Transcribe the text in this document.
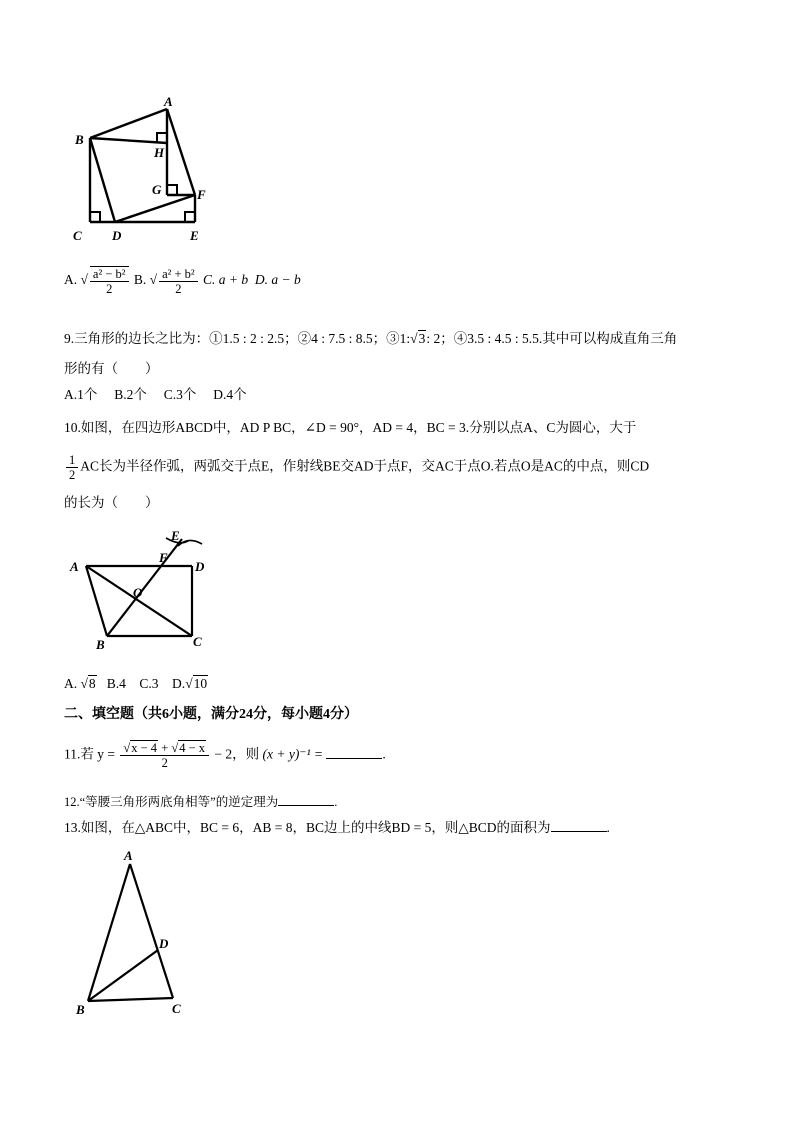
A
B
H
G	F
C D	E
A. √ $\frac{\text{a² − b²}}{2} B$. √ $\frac{\text{a² + b²}}{2} C$. a + b D. a − b
9.三角形的边长之比为：①1.5 : 2 : 2.5；②4 : 7.5 : 8.5；③1:√3: 2；④3.5 : 4.5 : 5.5.其中可以构成直角三角
形的有（　　）
A.1个　 B.2个　 C.3个　 D.4个
10.如图，在四边形ABCD中，AD P BC，∠D = 90°，AD = 4，BC = 3.分别以点A、C为圆心，大于
$\frac{1}{2}$ AC长为半径作弧，两弧交于点E，作射线BE交AD于点F，交AC于点O.若点O是AC的中点，则CD
的长为（　　）
A	D
E
F
O
B	C
A. √8 B.4　C.3　D.√10
二、填空题（共6小题，满分24分，每小题4分）
11.若 $y = \frac{√x - 4 + √4 - x}{2} - 2$，则 (x + y)⁻¹ =	.
12.“等腰三角形两底角相等”的逆定理为	.
13.如图，在△ABC中，BC = 6，AB = 8，BC边上的中线BD = 5，则△BCD的面积为	.
A
D
B	C
